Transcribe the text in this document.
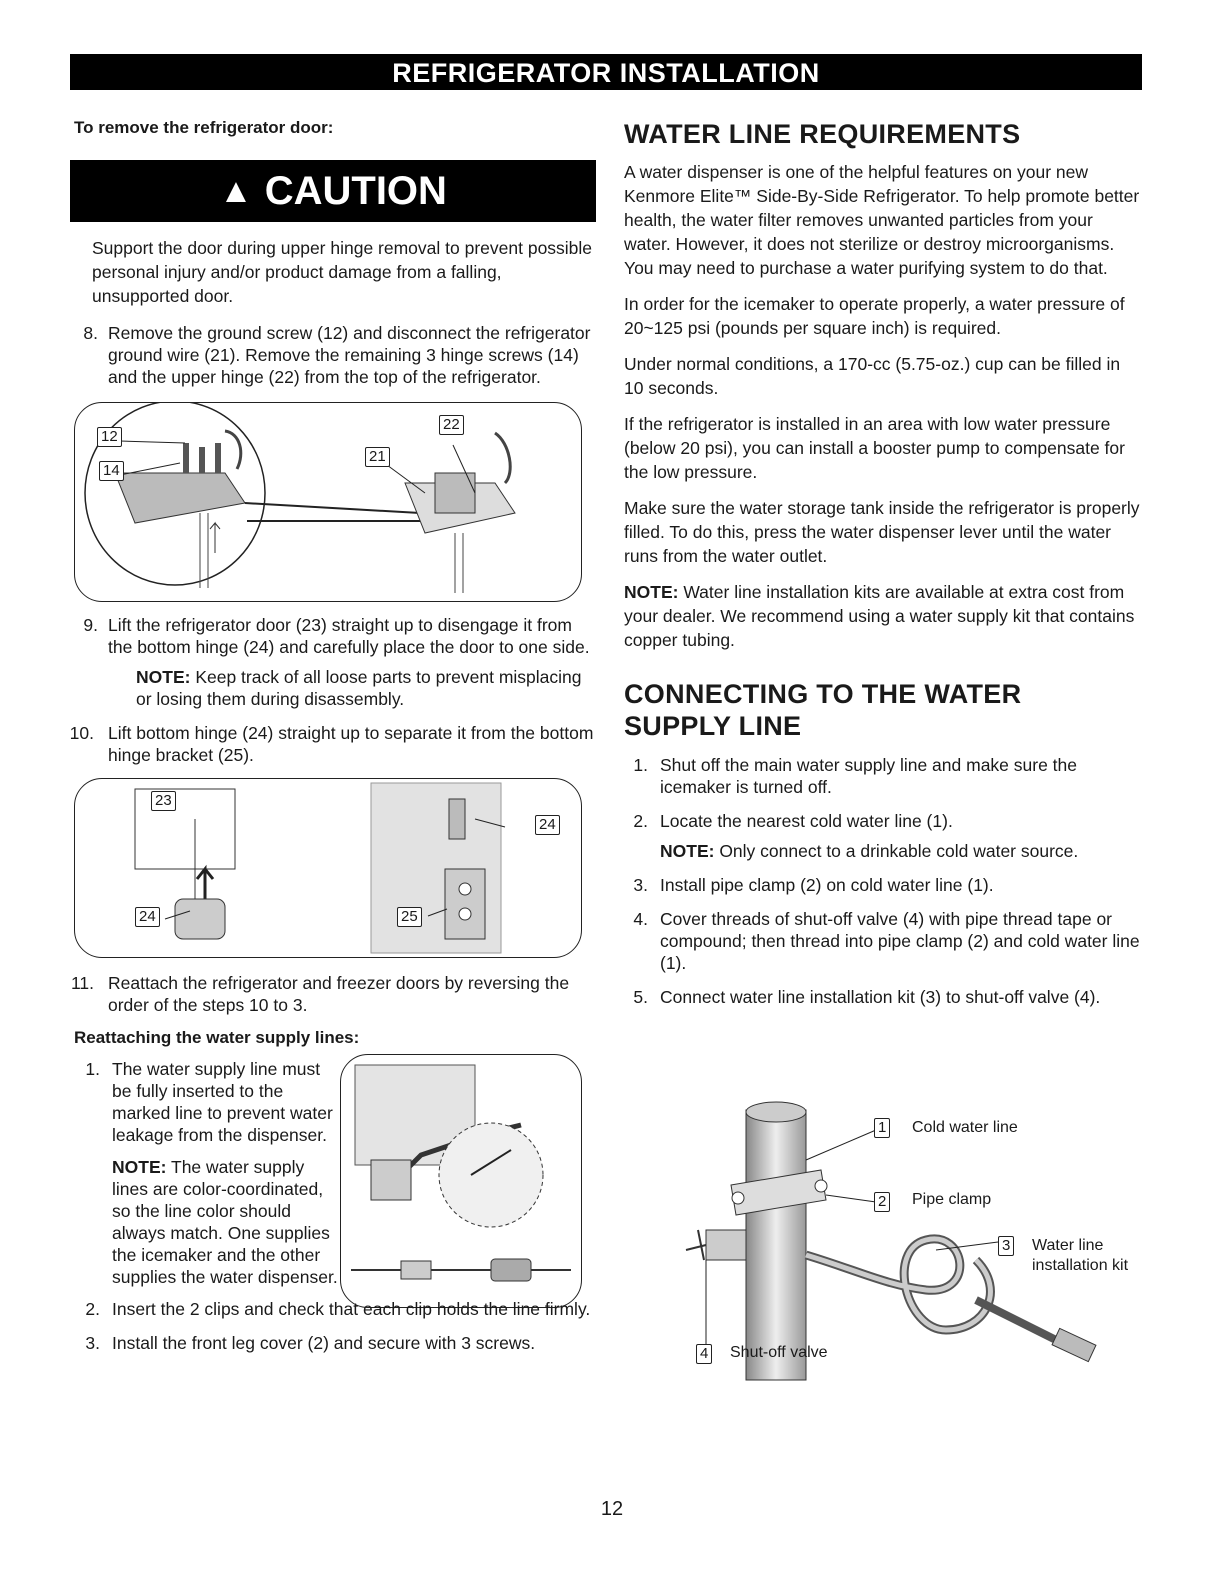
REFRIGERATOR INSTALLATION
To remove the refrigerator door:
▲ CAUTION

Support the door during upper hinge removal to prevent possible personal injury and/or product damage from a falling, unsupported door.

8. Remove the ground screw (12) and disconnect the refrigerator ground wire (21). Remove the remaining 3 hinge screws (14) and the upper hinge (22) from the top of the refrigerator.
12
14
21
22
9. Lift the refrigerator door (23) straight up to disengage it from the bottom hinge (24) and carefully place the door to one side.
NOTE: Keep track of all loose parts to prevent misplacing or losing them during disassembly.
10. Lift bottom hinge (24) straight up to separate it from the bottom hinge bracket (25).
23
24
24	25
11. Reattach the refrigerator and freezer doors by reversing the order of the steps 10 to 3.
Reattaching the water supply lines:
1. The water supply line must be fully inserted to the marked line to prevent water leakage from the dispenser.
NOTE: The water supply lines are color-coordinated, so the line color should always match. One supplies the icemaker and the other supplies the water dispenser.
2. Insert the 2 clips and check that each clip holds the line firmly.
3. Install the front leg cover (2) and secure with 3 screws.
WATER LINE REQUIREMENTS

A water dispenser is one of the helpful features on your new Kenmore Elite™ Side-By-Side Refrigerator. To help promote better health, the water filter removes unwanted particles from your water. However, it does not sterilize or destroy microorganisms. You may need to purchase a water purifying system to do that.

In order for the icemaker to operate properly, a water pressure of 20~125 psi (pounds per square inch) is required.

Under normal conditions, a 170-cc (5.75-oz.) cup can be filled in 10 seconds.

If the refrigerator is installed in an area with low water pressure (below 20 psi), you can install a booster pump to compensate for the low pressure.

Make sure the water storage tank inside the refrigerator is properly filled. To do this, press the water dispenser lever until the water runs from the water outlet.

NOTE: Water line installation kits are available at extra cost from your dealer. We recommend using a water supply kit that contains copper tubing.

CONNECTING TO THE WATER
SUPPLY LINE
1. Shut off the main water supply line and make sure the icemaker is turned off.
2. Locate the nearest cold water line (1).
NOTE: Only connect to a drinkable cold water source.
3. Install pipe clamp (2) on cold water line (1).
4. Cover threads of shut-off valve (4) with pipe thread tape or compound; then thread into pipe clamp (2) and cold water line (1).
5. Connect water line installation kit (3) to shut-off valve (4).
1 Cold water line
2 Pipe clamp
3 Water line
installation kit
4 Shut-off valve
12
